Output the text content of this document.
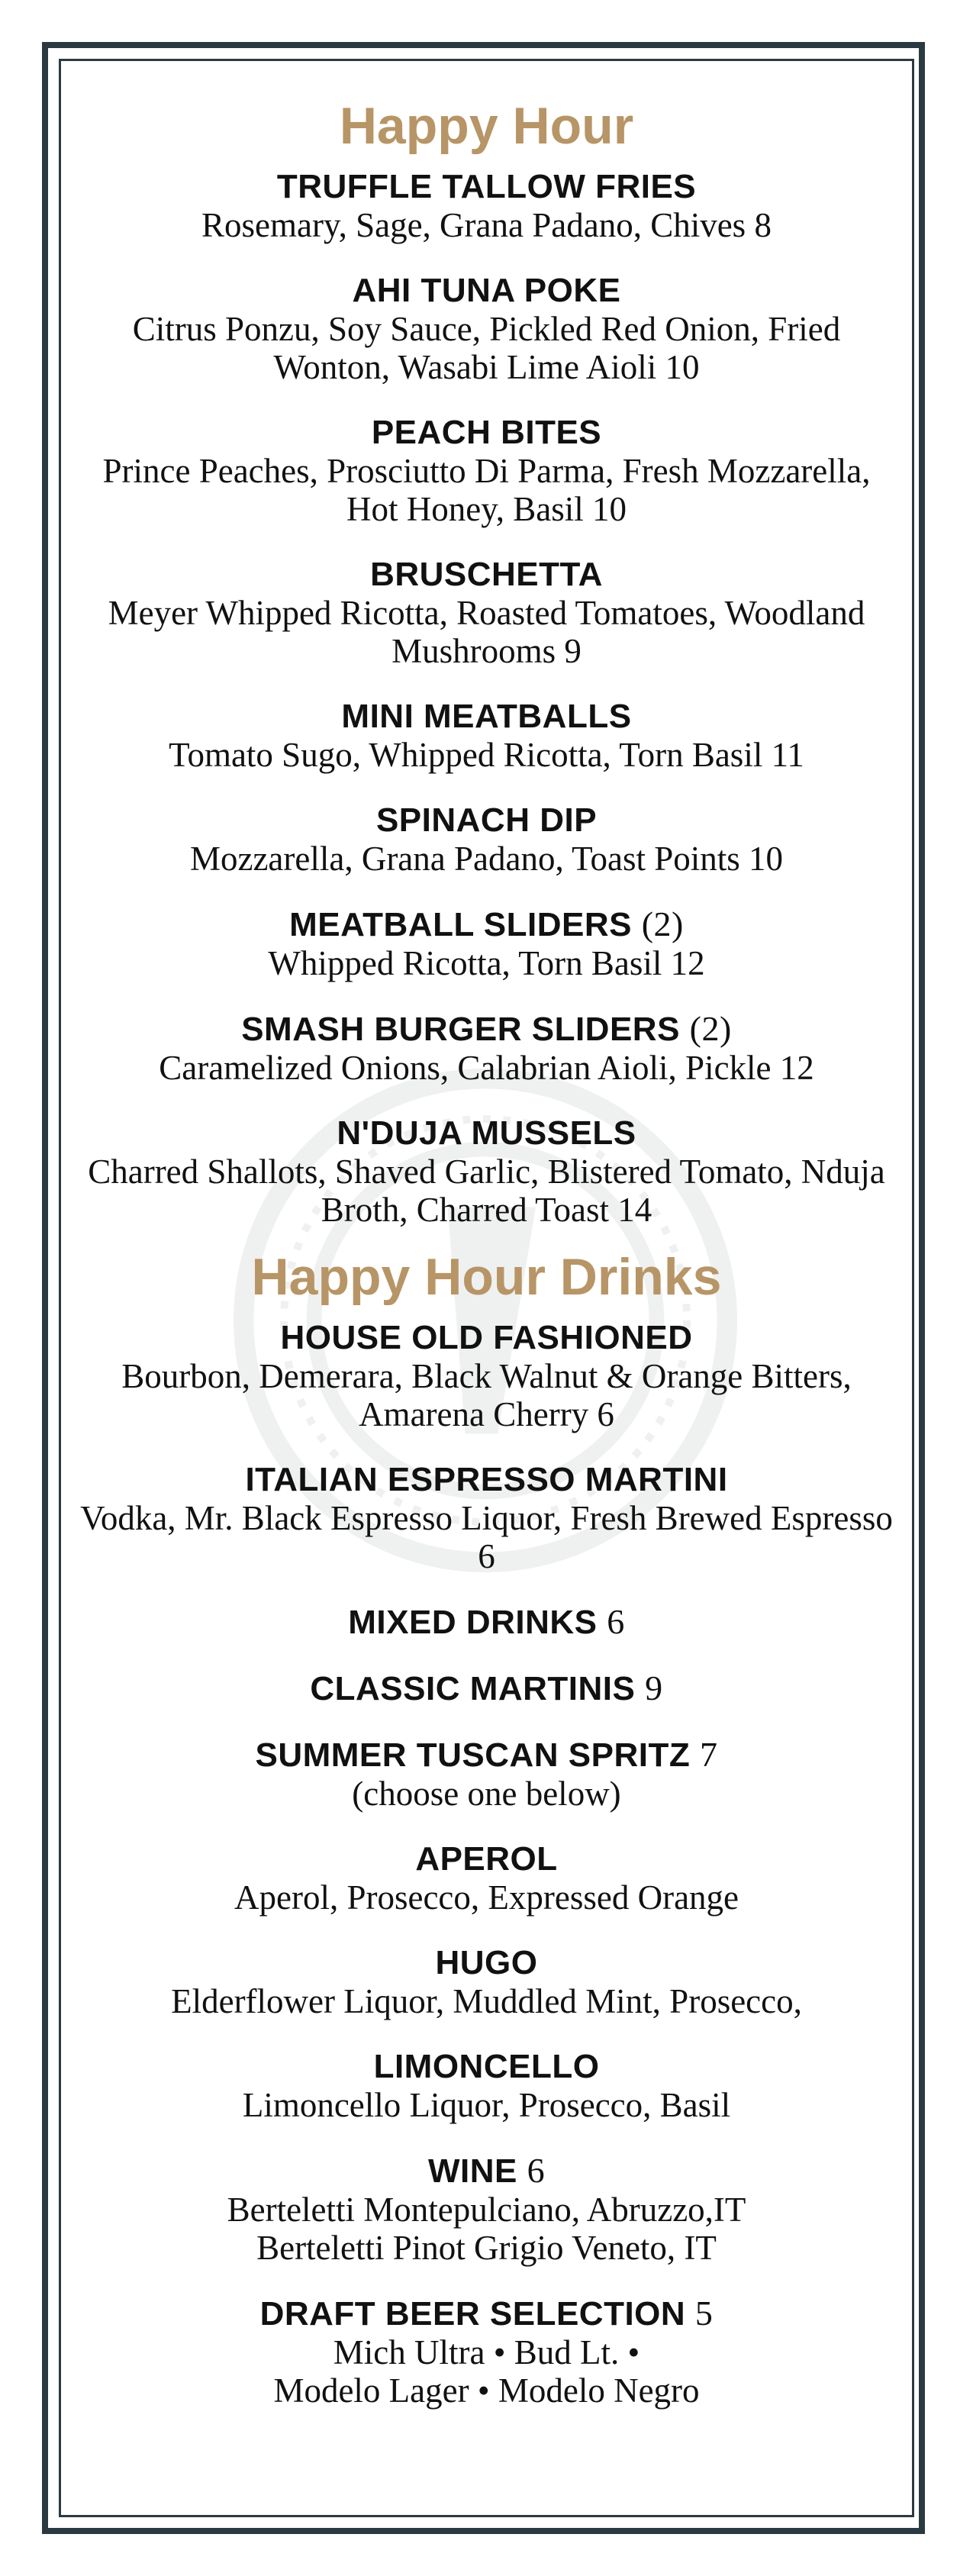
Happy Hour
TRUFFLE TALLOW FRIES
Rosemary, Sage, Grana Padano, Chives 8
AHI TUNA POKE
Citrus Ponzu, Soy Sauce, Pickled Red Onion, Fried Wonton, Wasabi Lime Aioli 10
PEACH BITES
Prince Peaches, Prosciutto Di Parma, Fresh Mozzarella, Hot Honey, Basil 10
BRUSCHETTA
Meyer Whipped Ricotta, Roasted Tomatoes, Woodland Mushrooms 9
MINI MEATBALLS
Tomato Sugo, Whipped Ricotta, Torn Basil 11
SPINACH DIP
Mozzarella, Grana Padano, Toast Points 10
MEATBALL SLIDERS (2)
Whipped Ricotta, Torn Basil 12
SMASH BURGER SLIDERS (2)
Caramelized Onions, Calabrian Aioli, Pickle 12
N'DUJA MUSSELS
Charred Shallots, Shaved Garlic, Blistered Tomato, Nduja Broth, Charred Toast 14
Happy Hour Drinks
HOUSE OLD FASHIONED
Bourbon, Demerara, Black Walnut & Orange Bitters, Amarena Cherry 6
ITALIAN ESPRESSO MARTINI
Vodka, Mr. Black Espresso Liquor, Fresh Brewed Espresso 6
MIXED DRINKS 6
CLASSIC MARTINIS 9
SUMMER TUSCAN SPRITZ 7
(choose one below)
APEROL
Aperol, Prosecco, Expressed Orange
HUGO
Elderflower Liquor, Muddled Mint, Prosecco,
LIMONCELLO
Limoncello Liquor, Prosecco, Basil
WINE 6
Berteletti Montepulciano, Abruzzo,IT
Berteletti Pinot Grigio Veneto, IT
DRAFT BEER SELECTION 5
Mich Ultra • Bud Lt. •
Modelo Lager • Modelo Negro
